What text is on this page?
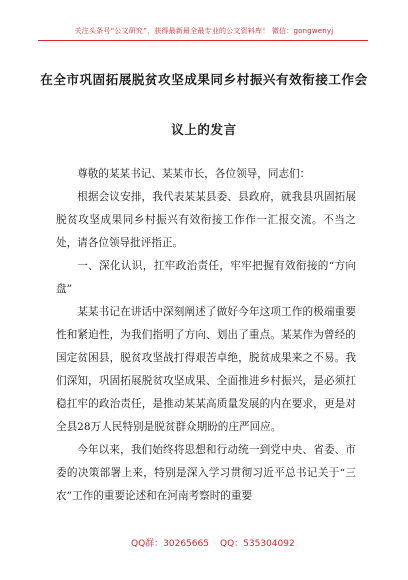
关注头条号“公文研究”，获得最新最全最专业的公文资料库！ 微信：gongwenyj
在全市巩固拓展脱贫攻坚成果同乡村振兴有效衔接工作会
议上的发言

尊敬的某某书记、某某市长，各位领导，同志们：

根据会议安排，我代表某某县委、县政府，就我县巩固拓展脱贫攻坚成果同乡村振兴有效衔接工作作一汇报交流。不当之处，请各位领导批评指正。

一、深化认识，扛牢政治责任，牢牢把握有效衔接的“方向盘”

某某书记在讲话中深刻阐述了做好今年这项工作的极端重要性和紧迫性，为我们指明了方向、划出了重点。某某作为曾经的国定贫困县，脱贫攻坚战打得艰苦卓绝，脱贫成果来之不易。我们深知，巩固拓展脱贫攻坚成果、全面推进乡村振兴，是必须扛稳扛牢的政治责任，是推动某某高质量发展的内在要求，更是对全县28万人民特别是脱贫群众期盼的庄严回应。

今年以来，我们始终将思想和行动统一到党中央、省委、市委的决策部署上来，特别是深入学习贯彻习近平总书记关于“三农”工作的重要论述和在河南考察时的重要

QQ群：30265665 QQ：535304092
